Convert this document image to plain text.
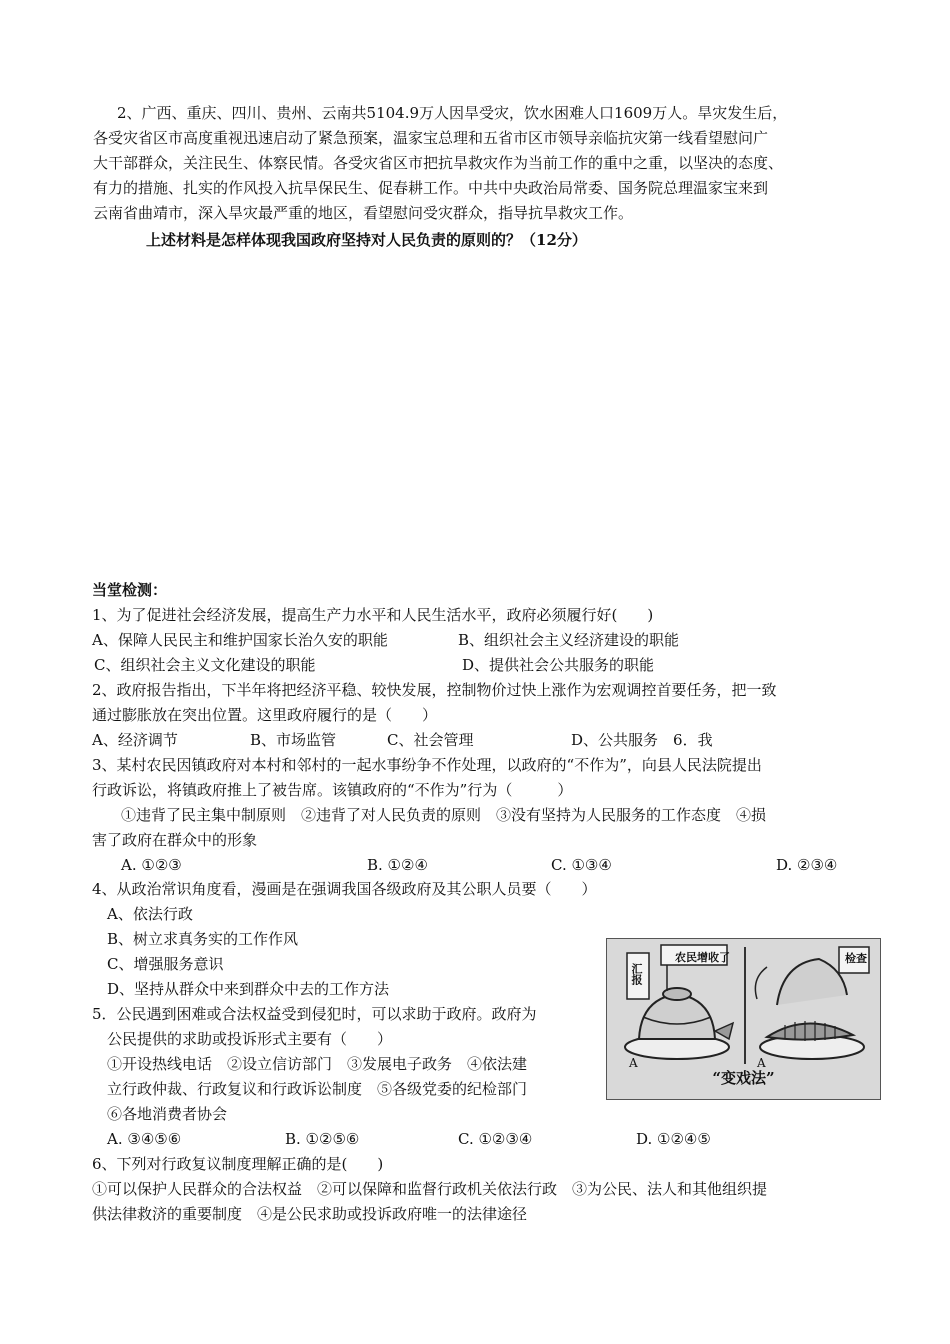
2、广西、重庆、四川、贵州、云南共5104.9万人因旱受灾，饮水困难人口1609万人。旱灾发生后，
各受灾省区市高度重视迅速启动了紧急预案，温家宝总理和五省市区市领导亲临抗灾第一线看望慰问广
大干部群众，关注民生、体察民情。各受灾省区市把抗旱救灾作为当前工作的重中之重，以坚决的态度、
有力的措施、扎实的作风投入抗旱保民生、促春耕工作。中共中央政治局常委、国务院总理温家宝来到
云南省曲靖市，深入旱灾最严重的地区，看望慰问受灾群众，指导抗旱救灾工作。
上述材料是怎样体现我国政府坚持对人民负责的原则的？（12分）
当堂检测：
1、为了促进社会经济发展，提高生产力水平和人民生活水平，政府必须履行好(　　)
A、保障人民民主和维护国家长治久安的职能	B、组织社会主义经济建设的职能
C、组织社会主义文化建设的职能	D、提供社会公共服务的职能
2、政府报告指出，下半年将把经济平稳、较快发展，控制物价过快上涨作为宏观调控首要任务，把一致
通过膨胀放在突出位置。这里政府履行的是（　　）
A、经济调节	B、市场监管	C、社会管理	D、公共服务　6．我
3、某村农民因镇政府对本村和邻村的一起水事纷争不作处理，以政府的“不作为”，向县人民法院提出
行政诉讼，将镇政府推上了被告席。该镇政府的“不作为”行为（　　　）
①违背了民主集中制原则　②违背了对人民负责的原则　③没有坚持为人民服务的工作态度　④损
害了政府在群众中的形象
A. ①②③	B. ①②④	C. ①③④	D. ②③④
4、从政治常识角度看，漫画是在强调我国各级政府及其公职人员要（　　）
A、依法行政
B、树立求真务实的工作作风
C、增强服务意识
D、坚持从群众中来到群众中去的工作方法
5．公民遇到困难或合法权益受到侵犯时，可以求助于政府。政府为
公民提供的求助或投诉形式主要有（　　）
①开设热线电话　②设立信访部门　③发展电子政务　④依法建
立行政仲裁、行政复议和行政诉讼制度　⑤各级党委的纪检部门
⑥各地消费者协会
A. ③④⑤⑥	B. ①②⑤⑥	C. ①②③④	D. ①②④⑤
6、下列对行政复议制度理解正确的是(　　)
①可以保护人民群众的合法权益　②可以保障和监督行政机关依法行政　③为公民、法人和其他组织提
供法律救济的重要制度　④是公民求助或投诉政府唯一的法律途径
农民增收了
汇报
检查
A	A
“变戏法”
